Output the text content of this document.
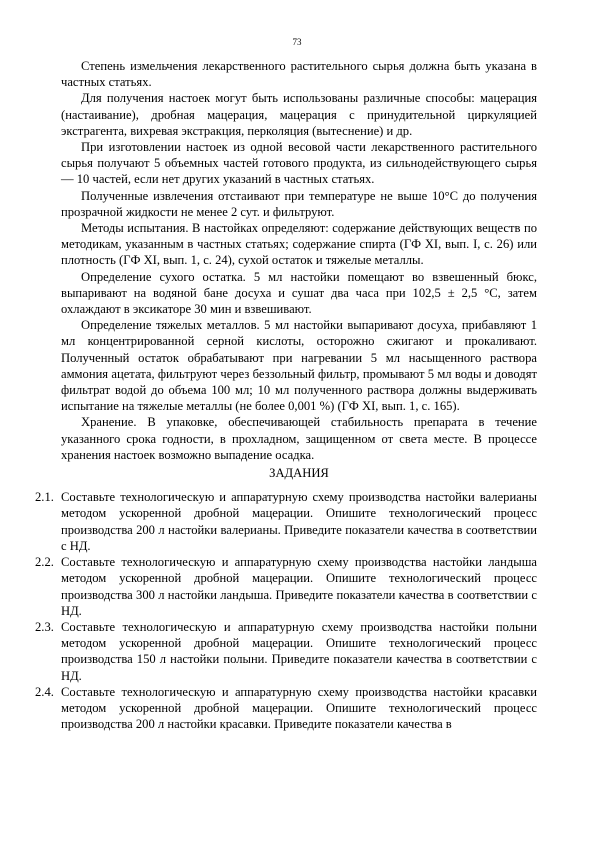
73

Степень измельчения лекарственного растительного сырья должна быть указана в частных статьях.

Для получения настоек могут быть использованы различные способы: мацерация (настаивание), дробная мацерация, мацерация с принудительной циркуляцией экстрагента, вихревая экстракция, перколяция (вытеснение) и др.

При изготовлении настоек из одной весовой части лекарственного растительного сырья получают 5 объемных частей готового продукта, из сильнодействующего сырья— 10 частей, если нет других указаний в частных статьях.

Полученные извлечения отстаивают при температуре не выше 10°С до получения прозрачной жидкости не менее 2 сут. и фильтруют.

Методы испытания. В настойках определяют: содержание действующих веществ по методикам, указанным в частных статьях; содержание спирта (ГФ XI, вып. I, с. 26) или плотность (ГФ XI, вып. 1, с. 24), сухой остаток и тяжелые металлы.

Определение сухого остатка. 5 мл настойки помещают во взвешенный бюкс, выпаривают на водяной бане досуха и сушат два часа при 102,5 ± 2,5 °С, затем охлаждают в эксикаторе 30 мин и взвешивают.

Определение тяжелых металлов. 5 мл настойки выпаривают досуха, прибавляют 1 мл концентрированной серной кислоты, осторожно сжигают и прокаливают. Полученный остаток обрабатывают при нагревании 5 мл насыщенного раствора аммония ацетата, фильтруют через беззольный фильтр, промывают 5 мл воды и доводят фильтрат водой до объема 100 мл; 10 мл полученного раствора должны выдерживать испытание на тяжелые металлы (не более 0,001 %) (ГФ XI, вып. 1, с. 165).

Хранение. В упаковке, обеспечивающей стабильность препарата в течение указанного срока годности, в прохладном, защищенном от света месте. В процессе хранения настоек возможно выпадение осадка.

ЗАДАНИЯ

2.1. Составьте технологическую и аппаратурную схему производства настойки валерианы методом ускоренной дробной мацерации. Опишите технологический процесс производства 200 л настойки валерианы. Приведите показатели качества в соответствии с НД.
2.2. Составьте технологическую и аппаратурную схему производства настойки ландыша методом ускоренной дробной мацерации. Опишите технологический процесс производства 300 л настойки ландыша. Приведите показатели качества в соответствии с НД.
2.3. Составьте технологическую и аппаратурную схему производства настойки полыни методом ускоренной дробной мацерации. Опишите технологический процесс производства 150 л настойки полыни. Приведите показатели качества в соответствии с НД.
2.4. Составьте технологическую и аппаратурную схему производства настойки красавки методом ускоренной дробной мацерации. Опишите технологический процесс производства 200 л настойки красавки. Приведите показатели качества в
